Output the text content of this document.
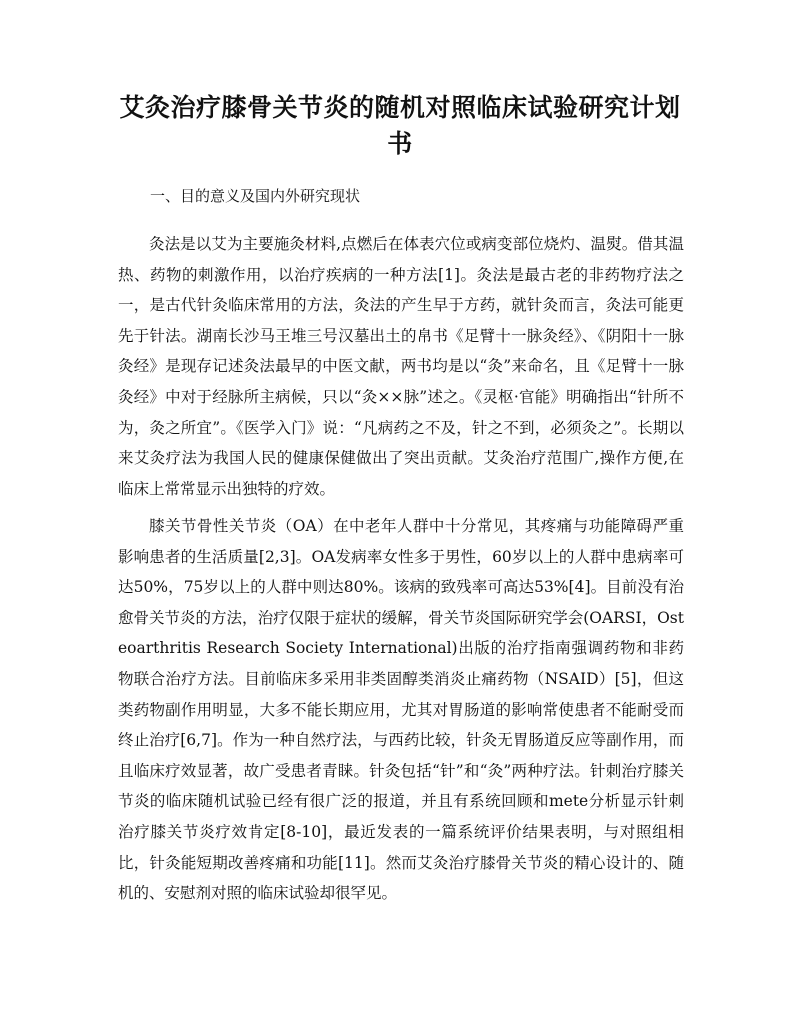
艾灸治疗膝骨关节炎的随机对照临床试验研究计划书
一、目的意义及国内外研究现状

灸法是以艾为主要施灸材料,点燃后在体表穴位或病变部位烧灼、温熨。借其温热、药物的刺激作用，以治疗疾病的一种方法[1]。灸法是最古老的非药物疗法之一，是古代针灸临床常用的方法，灸法的产生早于方药，就针灸而言，灸法可能更先于针法。湖南长沙马王堆三号汉墓出土的帛书《足臂十一脉灸经》、《阴阳十一脉灸经》是现存记述灸法最早的中医文献，两书均是以“灸”来命名，且《足臂十一脉灸经》中对于经脉所主病候，只以“灸××脉”述之。《灵枢·官能》明确指出“针所不为，灸之所宜”。《医学入门》说：“凡病药之不及，针之不到，必须灸之”。长期以来艾灸疗法为我国人民的健康保健做出了突出贡献。艾灸治疗范围广,操作方便,在临床上常常显示出独特的疗效。

膝关节骨性关节炎（OA）在中老年人群中十分常见，其疼痛与功能障碍严重影响患者的生活质量[2,3]。OA发病率女性多于男性，60岁以上的人群中患病率可达50%，75岁以上的人群中则达80%。该病的致残率可高达53%[4]。目前没有治愈骨关节炎的方法，治疗仅限于症状的缓解，骨关节炎国际研究学会(OARSI，Osteoarthritis Research Society International)出版的治疗指南强调药物和非药物联合治疗方法。目前临床多采用非类固醇类消炎止痛药物（NSAID）[5]，但这类药物副作用明显，大多不能长期应用，尤其对胃肠道的影响常使患者不能耐受而终止治疗[6,7]。作为一种自然疗法，与西药比较，针灸无胃肠道反应等副作用，而且临床疗效显著，故广受患者青睐。针灸包括“针”和“灸”两种疗法。针刺治疗膝关节炎的临床随机试验已经有很广泛的报道，并且有系统回顾和mete分析显示针刺治疗膝关节炎疗效肯定[8-10]，最近发表的一篇系统评价结果表明，与对照组相比，针灸能短期改善疼痛和功能[11]。然而艾灸治疗膝骨关节炎的精心设计的、随机的、安慰剂对照的临床试验却很罕见。
